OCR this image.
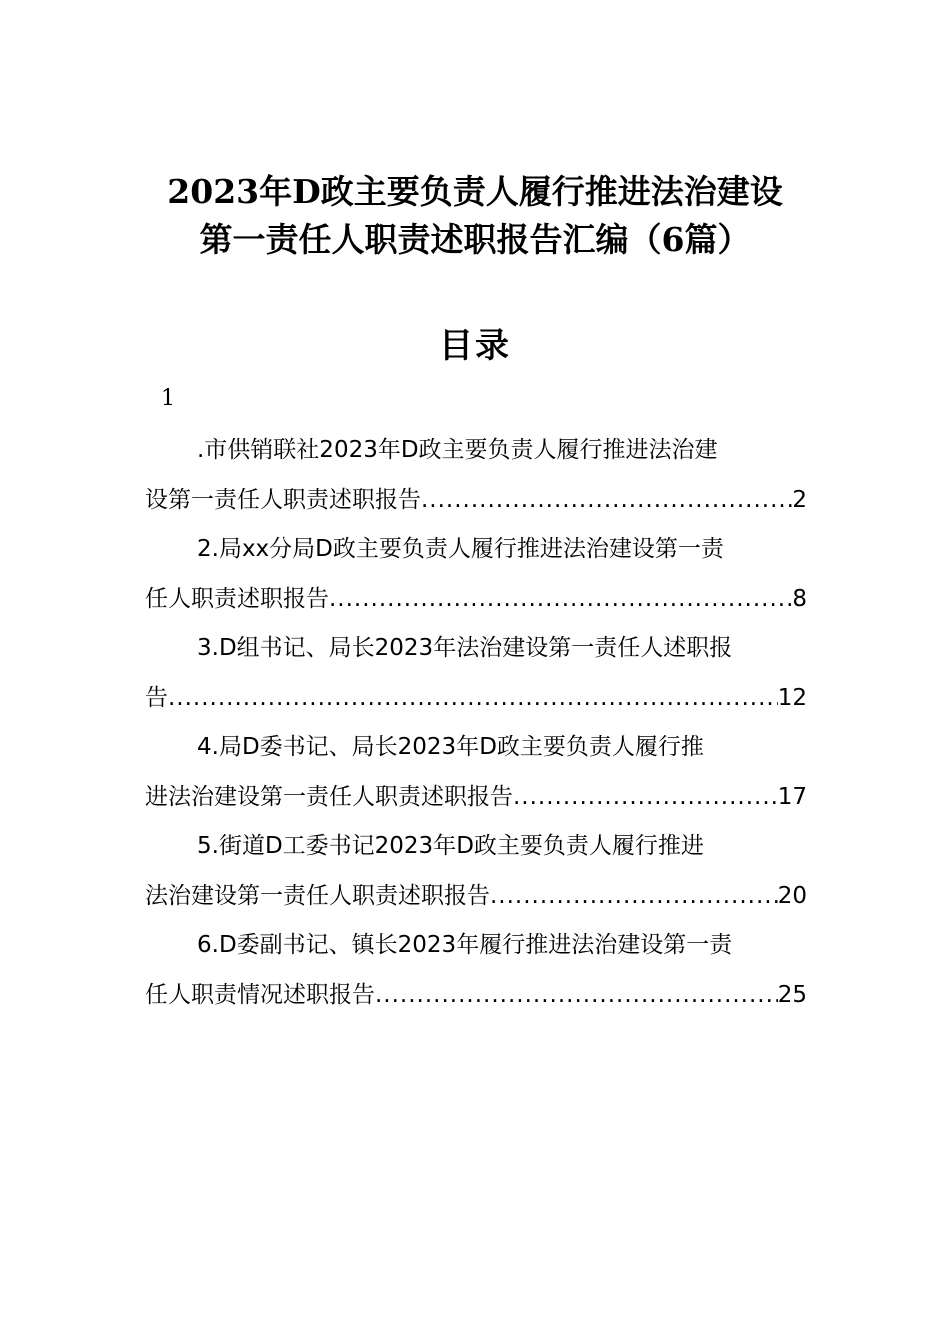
2023年D政主要负责人履行推进法治建设
第一责任人职责述职报告汇编（6篇）
目录
1
.市供销联社2023年D政主要负责人履行推进法治建
设第一责任人职责述职报告 .....	2
2.局xx分局D政主要负责人履行推进法治建设第一责
任人职责述职报告 .....	8
3.D组书记、局长2023年法治建设第一责任人述职报
告 .....	12
4.局D委书记、局长2023年D政主要负责人履行推
进法治建设第一责任人职责述职报告 .....	17
5.街道D工委书记2023年D政主要负责人履行推进
法治建设第一责任人职责述职报告 .....	20
6.D委副书记、镇长2023年履行推进法治建设第一责
任人职责情况述职报告 .....	25
